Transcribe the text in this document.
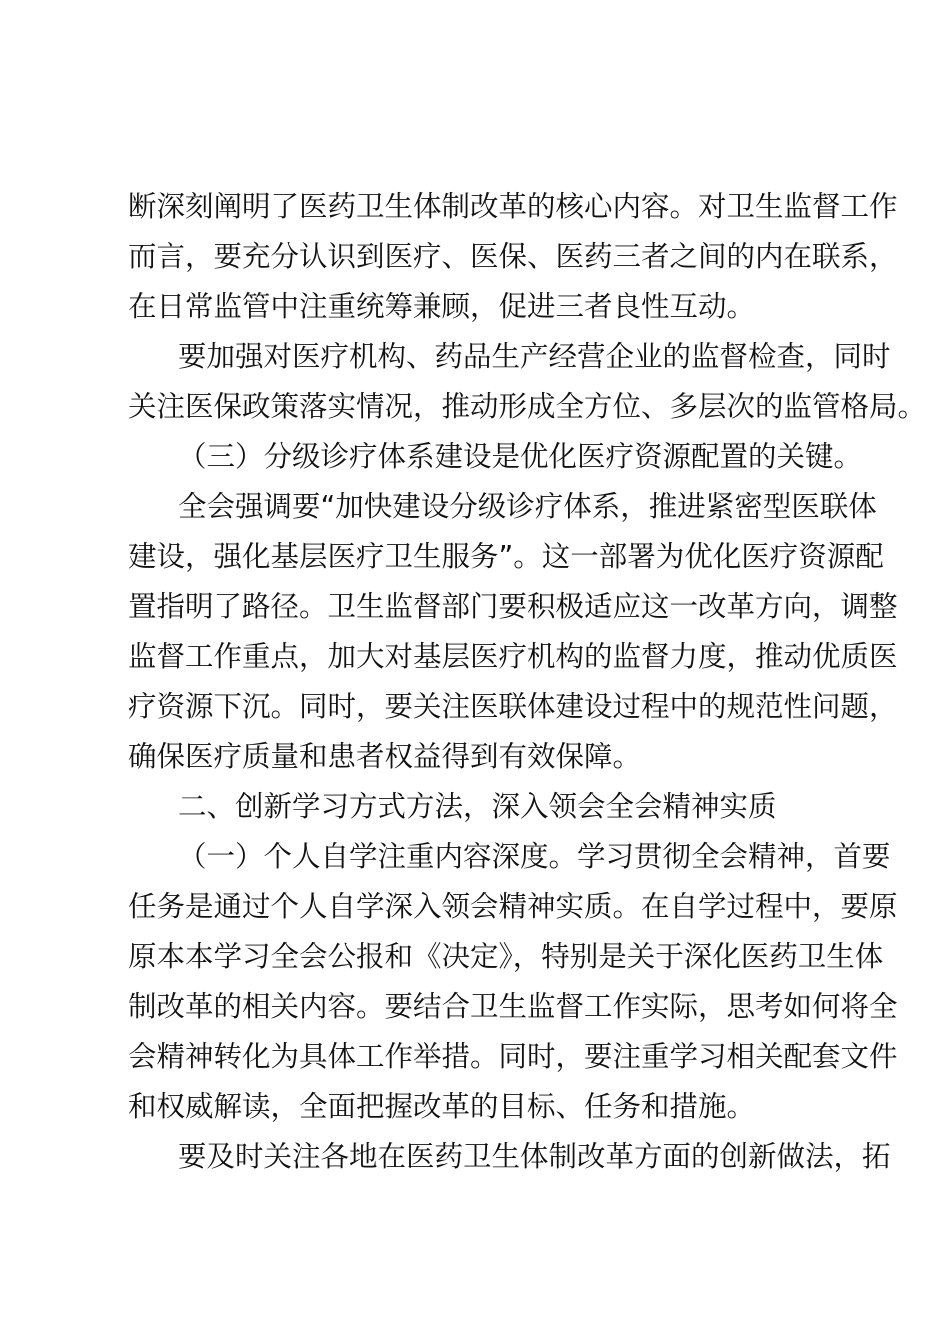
断深刻阐明了医药卫生体制改革的核心内容。对卫生监督工作
而言，要充分认识到医疗、医保、医药三者之间的内在联系，
在日常监管中注重统筹兼顾，促进三者良性互动。
要加强对医疗机构、药品生产经营企业的监督检查，同时
关注医保政策落实情况，推动形成全方位、多层次的监管格局。
（三）分级诊疗体系建设是优化医疗资源配置的关键。
全会强调要“加快建设分级诊疗体系，推进紧密型医联体
建设，强化基层医疗卫生服务”。这一部署为优化医疗资源配
置指明了路径。卫生监督部门要积极适应这一改革方向，调整
监督工作重点，加大对基层医疗机构的监督力度，推动优质医
疗资源下沉。同时，要关注医联体建设过程中的规范性问题，
确保医疗质量和患者权益得到有效保障。
二、创新学习方式方法，深入领会全会精神实质
（一）个人自学注重内容深度。学习贯彻全会精神，首要
任务是通过个人自学深入领会精神实质。在自学过程中，要原
原本本学习全会公报和《决定》，特别是关于深化医药卫生体
制改革的相关内容。要结合卫生监督工作实际，思考如何将全
会精神转化为具体工作举措。同时，要注重学习相关配套文件
和权威解读，全面把握改革的目标、任务和措施。
要及时关注各地在医药卫生体制改革方面的创新做法，拓
